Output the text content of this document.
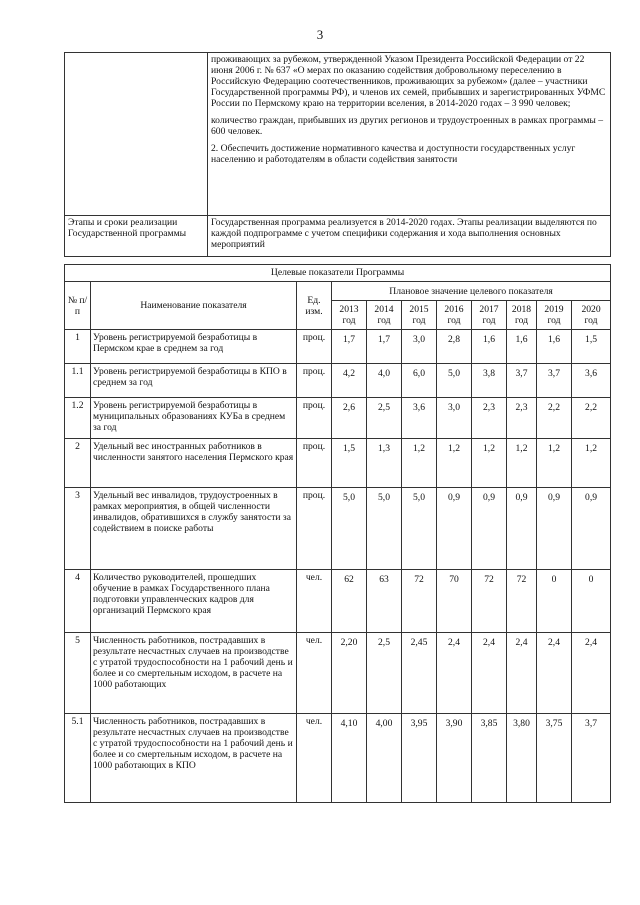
3

	проживающих за рубежом, утвержденной Указом Президента Российской Федерации от 22 июня 2006 г. № 637 «О мерах по оказанию содействия добровольному переселению в Российскую Федерацию соотечественников, проживающих за рубежом» (далее – участники Государственной программы РФ), и членов их семей, прибывших и зарегистрированных УФМС России по Пермскому краю на территории вселения, в 2014-2020 годах – 3 990 человек;
количество граждан, прибывших из других регионов и трудоустроенных в рамках программы – 600 человек.
2. Обеспечить достижение нормативного качества и доступности государственных услуг населению и работодателям в области содействия занятости

Этапы и сроки реализации Государственной программы	Государственная программа реализуется в 2014-2020 годах. Этапы реализации выделяются по каждой подпрограмме с учетом специфики содержания и хода выполнения основных мероприятий
Целевые показатели Программы										
№ п/п	Наименование показателя	Ед. изм.	Плановое значение целевого показателя							
			2013 год	2014 год	2015 год	2016 год	2017 год	2018 год	2019 год	2020 год
1	Уровень регистрируемой безработицы в Пермском крае в среднем за год	проц.	1,7	1,7	3,0	2,8	1,6	1,6	1,6	1,5
1.1	Уровень регистрируемой безработицы в КПО в среднем за год	проц.	4,2	4,0	6,0	5,0	3,8	3,7	3,7	3,6
1.2	Уровень регистрируемой безработицы в муниципальных образованиях КУБа в среднем за год	проц.	2,6	2,5	3,6	3,0	2,3	2,3	2,2	2,2
2	Удельный вес иностранных работников в численности занятого населения Пермского края	проц.	1,5	1,3	1,2	1,2	1,2	1,2	1,2	1,2
3	Удельный вес инвалидов, трудоустроенных в рамках мероприятия, в общей численности инвалидов, обратившихся в службу занятости за содействием в поиске работы	проц.	5,0	5,0	5,0	0,9	0,9	0,9	0,9	0,9
4	Количество руководителей, прошедших обучение в рамках Государственного плана подготовки управленческих кадров для организаций Пермского края	чел.	62	63	72	70	72	72	0	0
5	Численность работников, пострадавших в результате несчастных случаев на производстве с утратой трудоспособности на 1 рабочий день и более и со смертельным исходом, в расчете на 1000 работающих	чел.	2,20	2,5	2,45	2,4	2,4	2,4	2,4	2,4
5.1	Численность работников, пострадавших в результате несчастных случаев на производстве с утратой трудоспособности на 1 рабочий день и более и со смертельным исходом, в расчете на 1000 работающих в КПО	чел.	4,10	4,00	3,95	3,90	3,85	3,80	3,75	3,7
